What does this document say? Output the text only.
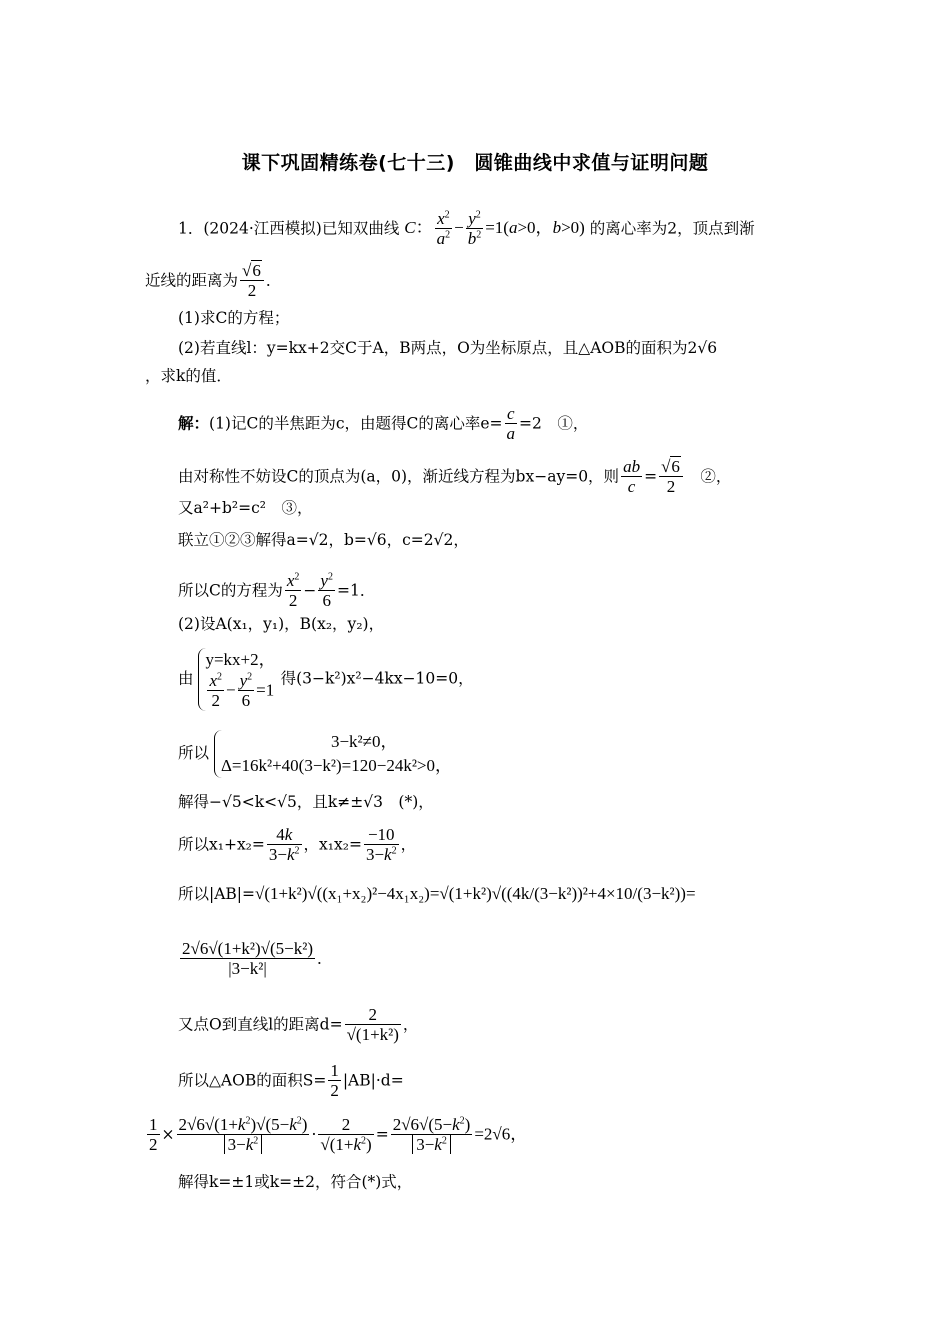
课下巩固精练卷(七十三)　圆锥曲线中求值与证明问题
1．(2024·江西模拟)已知双曲线 C： $\frac{x^2}{a^2} - \frac{y^2}{b^2} =1(a>0$，b>0) 的离心率为2，顶点到渐
近线的距离为 $\frac{√6}{2}$ ．
(1)求C的方程；
(2)若直线l：y=kx+2交C于A，B两点，O为坐标原点，且△AOB的面积为2√6
，求k的值．
解：(1)记C的半焦距为c，由题得C的离心率$e= \frac{c}{a} =2$　①，
由对称性不妨设C的顶点为(a，0)，渐近线方程为bx−ay=0，则 $\frac{ab}{c} = \frac{√6}{2}$
　 ②，
又a²+b²=c²　③，
联立①②③解得a=√2，b=√6，c=2√2，
所以C的方程为 $\frac{x^2}{2} - \frac{y^2}{6} =1$．
(2)设A(x₁，y₁)，B(x₂，y₂)，
由
y=kx+2，
$\frac{x^2}{2} - \frac{y^2}{6} =1$
得(3−k²)x²−4kx−10=0，
所以
3−k²≠0，
Δ=16k²+40(3−k²)=120−24k²>0，
解得−√5<k<√5，且k≠±√3　(*)，
所以$x_1+x_2= \frac{4k}{3-k^2}$ ，$x_1x_2= \frac{-10}{3-k^2}$ ，
所以|AB|=√(1+k²)√((x₁+x₂)²−4x₁x₂)=√(1+k²)√((4k/(3−k²))²+4×10/(3−k²))=
$\frac{\text{2√6√(1+k²)√(5−k²)}}{\text{|3−k²|}}$ ．
又点O到直线l的距离$d= \frac{2}{\text{√(1+k²)}}$ ，
所以△AOB的面积$S= \frac{1}{2} |AB|\cdot d=$
$\frac{1}{2} \times \frac{2√6√(1+k^2)√(5-k^2)}{3-k^2} \cdot \frac{2}{√(1+k^2)} = \frac{2√6√(5-k^2)}{3-k^2} =2√6$，
解得k=±1或k=±2，符合(*)式，
